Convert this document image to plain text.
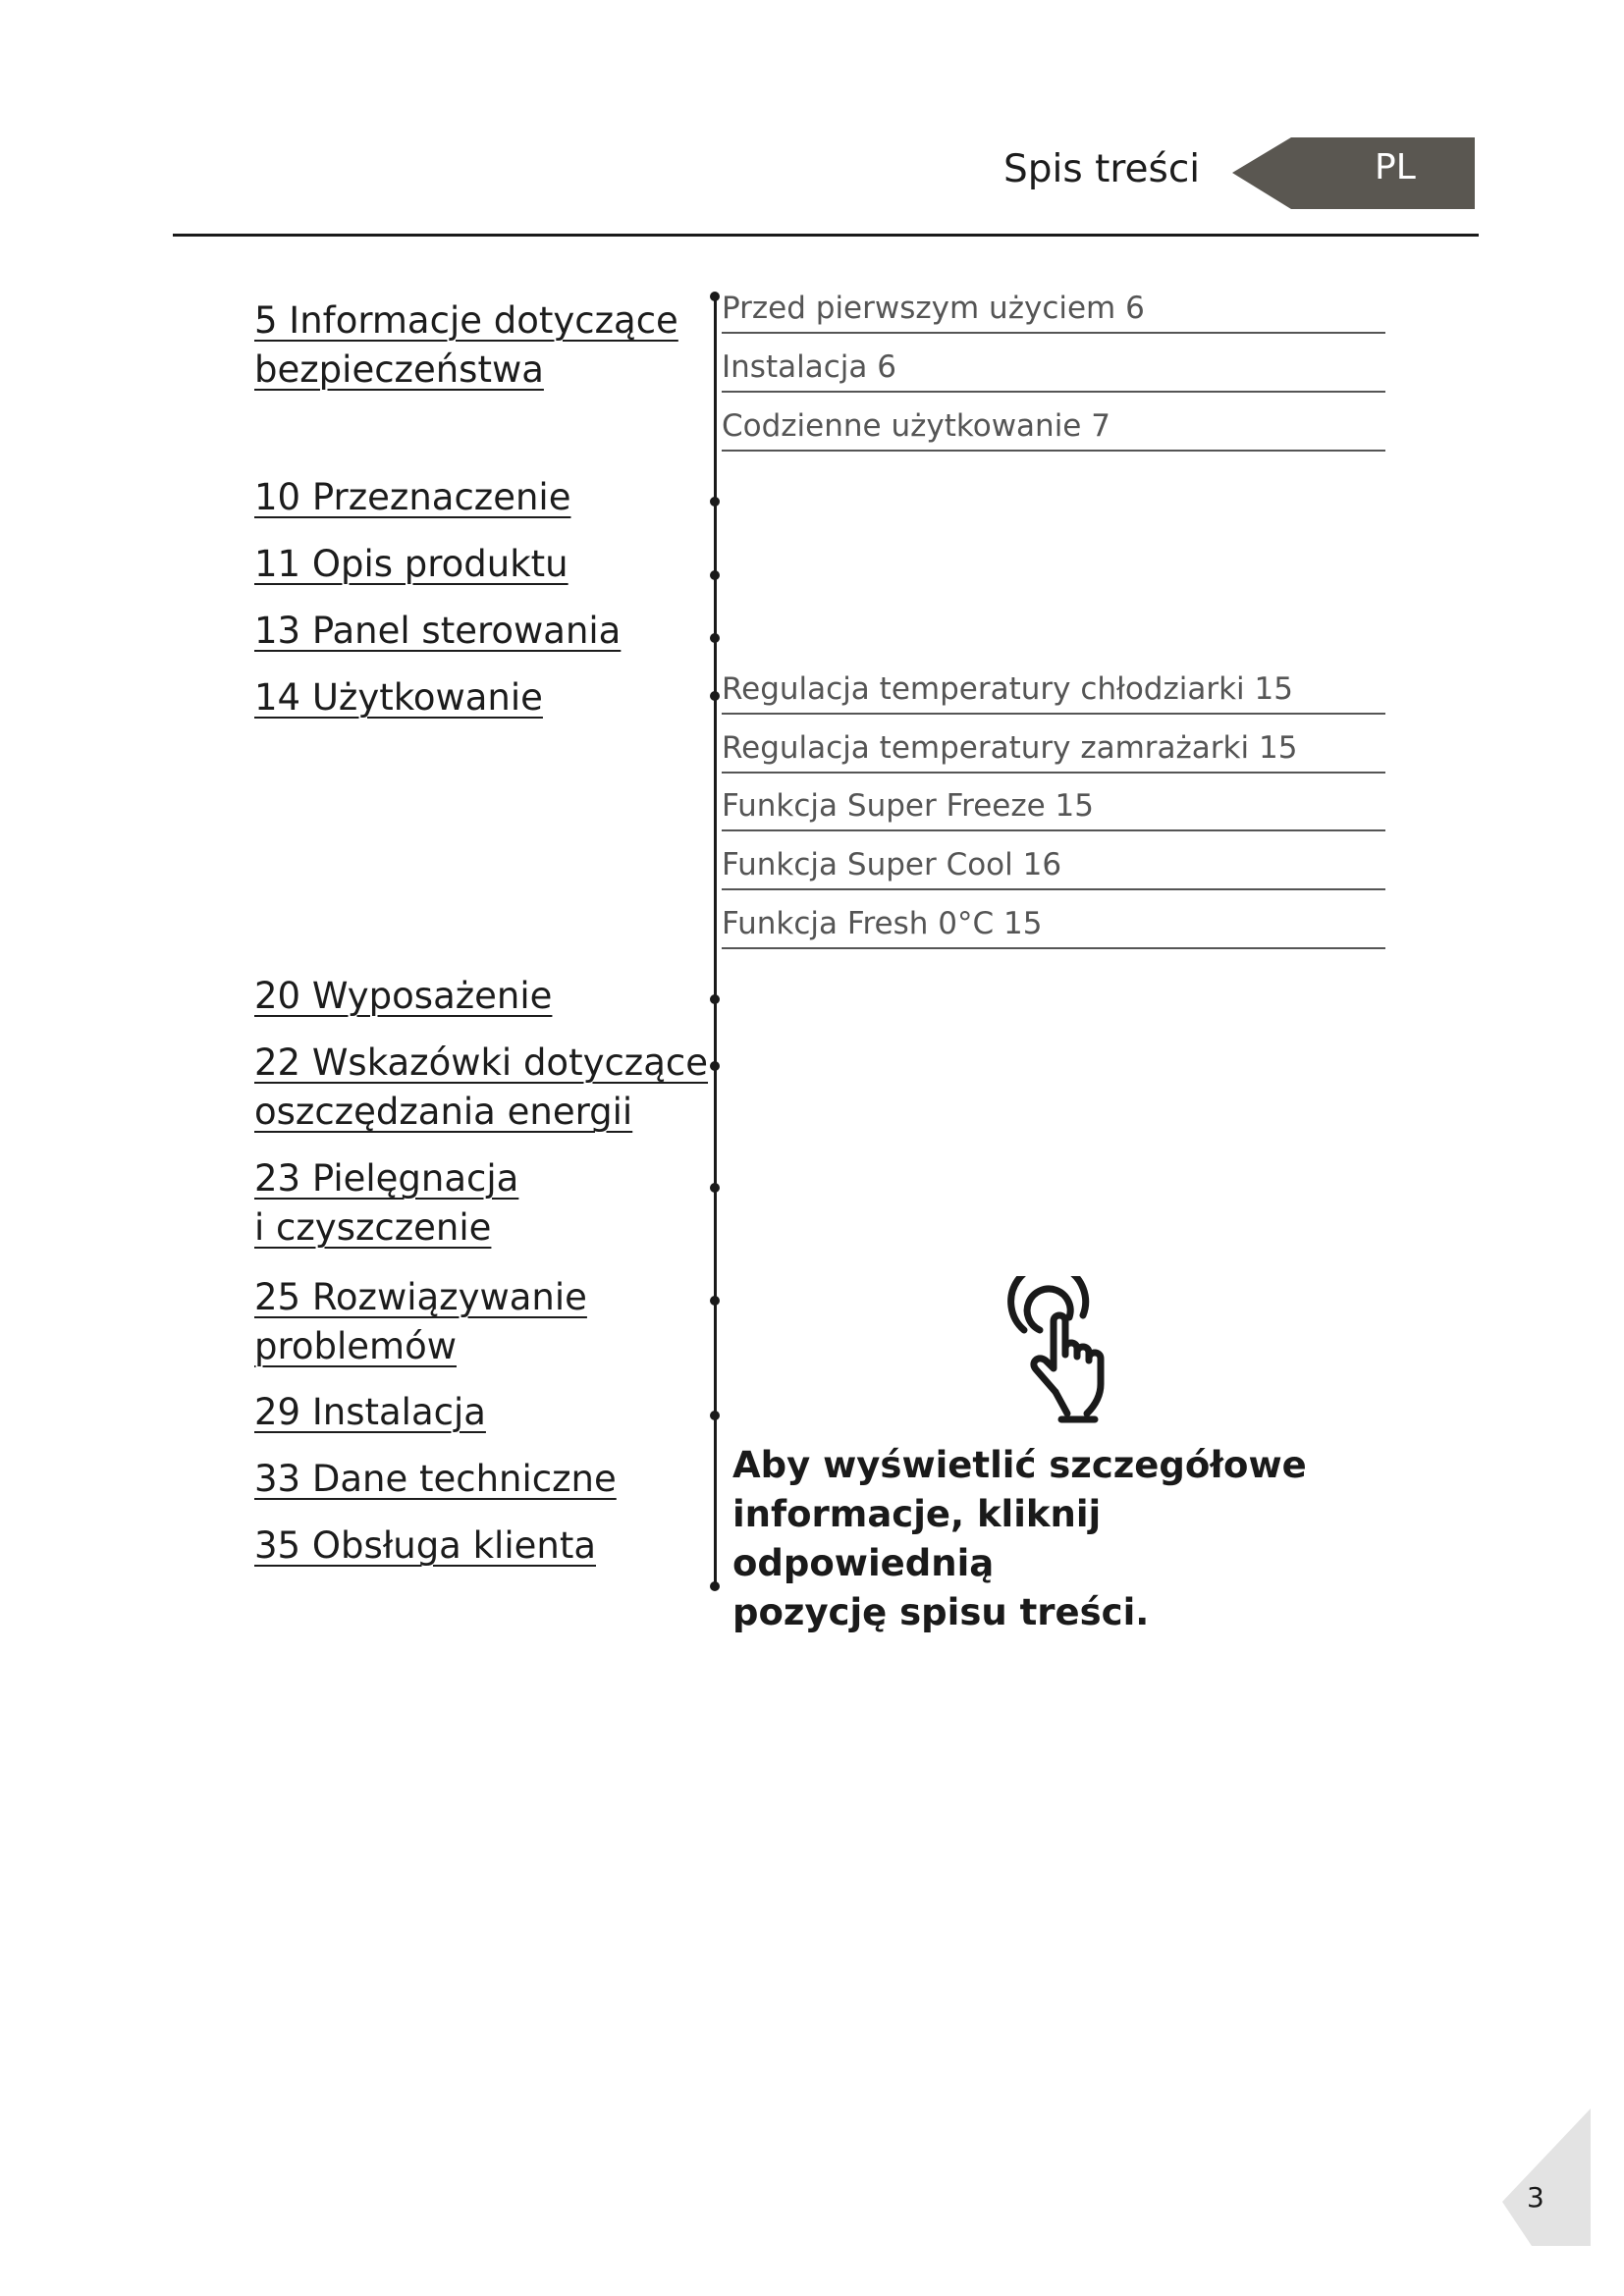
Spis treści	PL
5 Informacje dotyczące
bezpieczeństwa
10 Przeznaczenie
11 Opis produktu
13 Panel sterowania
14 Użytkowanie
20 Wyposażenie
22 Wskazówki dotyczące
oszczędzania energii
23 Pielęgnacja
i czyszczenie
25 Rozwiązywanie
problemów
29 Instalacja
33 Dane techniczne
35 Obsługa klienta
Przed pierwszym użyciem 6
Instalacja 6
Codzienne użytkowanie 7
Regulacja temperatury chłodziarki 15
Regulacja temperatury zamrażarki 15
Funkcja Super Freeze 15
Funkcja Super Cool 16
Funkcja Fresh 0°C 15
Aby wyświetlić szczegółowe
informacje, kliknij odpowiednią
pozycję spisu treści.
3
